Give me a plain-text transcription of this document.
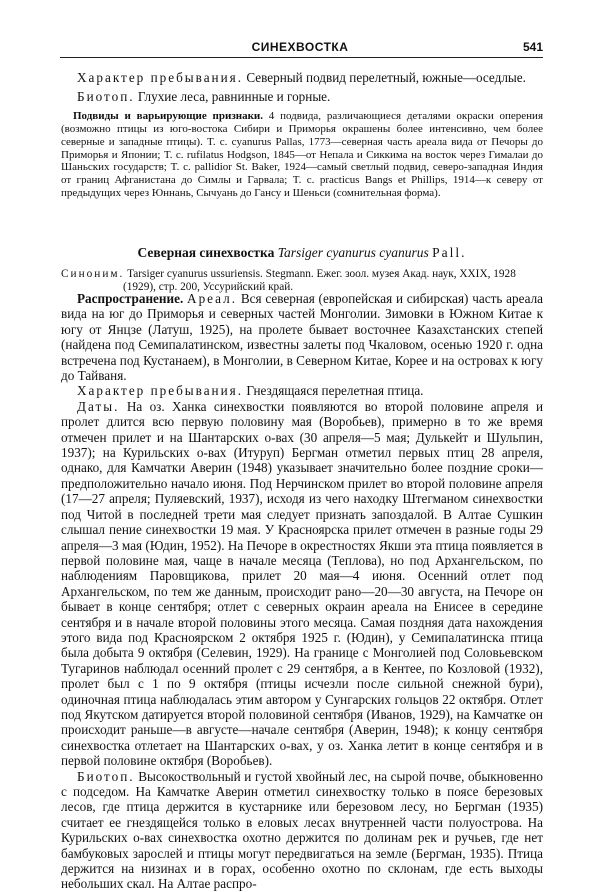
СИНЕХВОСТКА	541

Характер пребывания. Северный подвид перелетный, южные—оседлые.

Биотоп. Глухие леса, равнинные и горные.

Подвиды и варьирующие признаки. 4 подвида, различающиеся деталями окраски оперения (возможно птицы из юго-востока Сибири и Приморья окрашены более интенсивно, чем более северные и западные птицы). T. c. cyanurus Pallas, 1773—северная часть ареала вида от Печоры до Приморья и Японии; T. c. rufilatus Hodgson, 1845—от Непала и Сиккима на восток через Гималаи до Шаньских государств; T. c. pallidior St. Baker, 1924—самый светлый подвид, северо-западная Индия от границ Афганистана до Симлы и Гарвала; T. c. practicus Bangs et Phillips, 1914—к северу от предыдущих через Юннань, Сычуань до Гансу и Шеньси (сомнительная форма).

Северная синехвостка Tarsiger cyanurus cyanurus Pall.

Синоним. Tarsiger cyanurus ussuriensis. Stegmann. Ежег. зоол. музея Акад. наук, XXIX, 1928 (1929), стр. 200, Уссурийский край.

Распространение. Ареал. Вся северная (европейская и сибирская) часть ареала вида на юг до Приморья и северных частей Монголии. Зимовки в Южном Китае к югу от Янцзе (Латуш, 1925), на пролете бывает восточнее Казахстанских степей (найдена под Семипалатинском, известны залеты под Чкаловом, осенью 1920 г. одна встречена под Кустанаем), в Монголии, в Северном Китае, Корее и на островах к югу до Тайваня.

Характер пребывания. Гнездящаяся перелетная птица.

Даты. На оз. Ханка синехвостки появляются во второй половине апреля и пролет длится всю первую половину мая (Воробьев), примерно в то же время отмечен прилет и на Шантарских о-вах (30 апреля—5 мая; Дулькейт и Шульпин, 1937); на Курильских о-вах (Итуруп) Бергман отметил первых птиц 28 апреля, однако, для Камчатки Аверин (1948) указывает значительно более поздние сроки—предположительно начало июня. Под Нерчинском прилет во второй половине апреля (17—27 апреля; Пуляевский, 1937), исходя из чего находку Штегманом синехвостки под Читой в последней трети мая следует признать запоздалой. В Алтае Сушкин слышал пение синехвостки 19 мая. У Красноярска прилет отмечен в разные годы 29 апреля—3 мая (Юдин, 1952). На Печоре в окрестностях Якши эта птица появляется в первой половине мая, чаще в начале месяца (Теплова), но под Архангельском, по наблюдениям Паровщикова, прилет 20 мая—4 июня. Осенний отлет под Архангельском, по тем же данным, происходит рано—20—30 августа, на Печоре он бывает в конце сентября; отлет с северных окраин ареала на Енисее в середине сентября и в начале второй половины этого месяца. Самая поздняя дата нахождения этого вида под Красноярском 2 октября 1925 г. (Юдин), у Семипалатинска птица была добыта 9 октября (Селевин, 1929). На границе с Монголией под Соловьевском Тугаринов наблюдал осенний пролет с 29 сентября, а в Кентее, по Козловой (1932), пролет был с 1 по 9 октября (птицы исчезли после сильной снежной бури), одиночная птица наблюдалась этим автором у Сунгарских гольцов 22 октября. Отлет под Якутском датируется второй половиной сентября (Иванов, 1929), на Камчатке он происходит раньше—в августе—начале сентября (Аверин, 1948); к концу сентября синехвостка отлетает на Шантарских о-вах, у оз. Ханка летит в конце сентября и в первой половине октября (Воробьев).

Биотоп. Высокоствольный и густой хвойный лес, на сырой почве, обыкновенно с подседом. На Камчатке Аверин отметил синехвостку только в поясе березовых лесов, где птица держится в кустарнике или березовом лесу, но Бергман (1935) считает ее гнездящейся только в еловых лесах внутренней части полуострова. На Курильских о-вах синехвостка охотно держится по долинам рек и ручьев, где нет бамбуковых зарослей и птицы могут передвигаться на земле (Бергман, 1935). Птица держится на низинах и в горах, особенно охотно по склонам, где есть выходы небольших скал. На Алтае распро-
